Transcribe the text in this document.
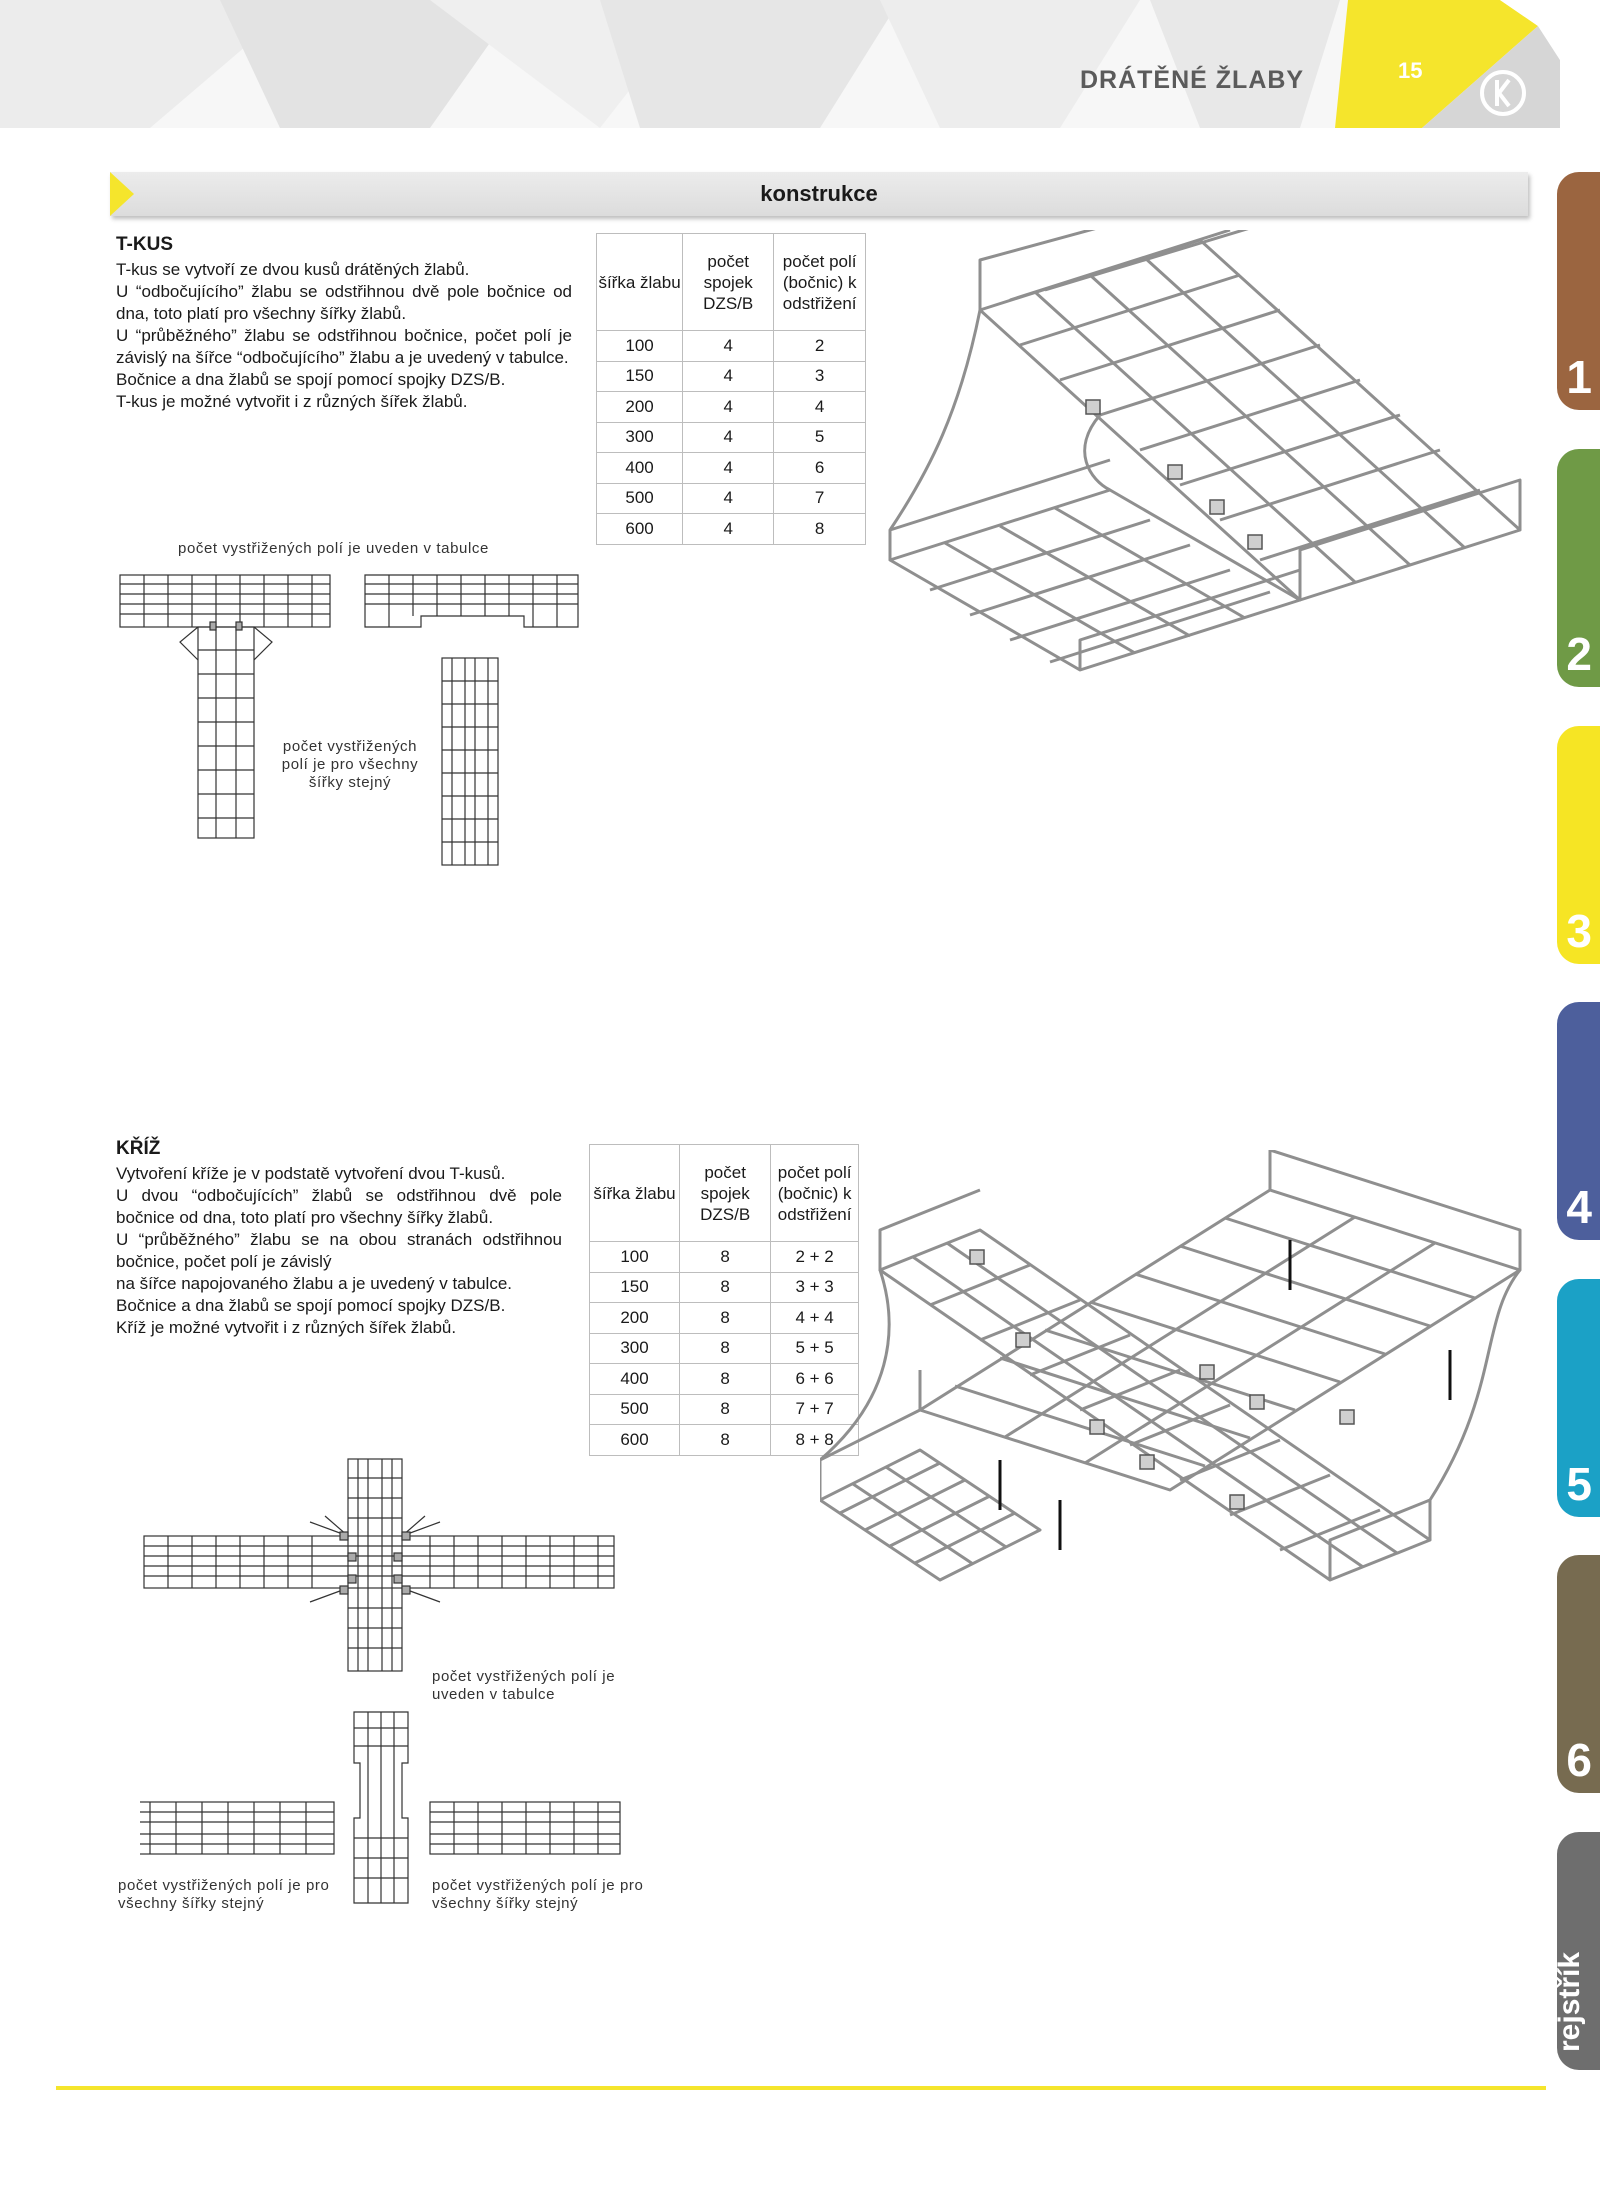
DRÁTĚNÉ ŽLABY	15
konstrukce
T-KUS

T-kus se vytvoří ze dvou kusů drátěných žlabů.

U “odbočujícího” žlabu se odstřihnou dvě pole bočnice od dna, toto platí pro všechny šířky žlabů.

U “průběžného” žlabu se odstřihnou bočnice, počet polí je závislý na šířce “odbočujícího” žlabu a je uvedený v tabulce.

Bočnice a dna žlabů se spojí pomocí spojky DZS/B.

T-kus je možné vytvořit i z různých šířek žlabů.

šířka žlabu	počet spojek DZS/B	počet polí (bočnic) k odstřižení
100	4	2
150	4	3
200	4	4
300	4	5
400	4	6
500	4	7
600	4	8
počet vystřižených polí je uveden v tabulce
počet vystřižených polí je pro všechny šířky stejný
KŘÍŽ

Vytvoření kříže je v podstatě vytvoření dvou T-kusů.

U dvou “odbočujících” žlabů se odstřihnou dvě pole bočnice od dna, toto platí pro všechny šířky žlabů.

U “průběžného” žlabu se na obou stranách odstřihnou bočnice, počet polí je závislý

na šířce napojovaného žlabu a je uvedený v tabulce.

Bočnice a dna žlabů se spojí pomocí spojky DZS/B.

Kříž je možné vytvořit i z různých šířek žlabů.

šířka žlabu	počet spojek DZS/B	počet polí (bočnic) k odstřižení
100	8	2 + 2
150	8	3 + 3
200	8	4 + 4
300	8	5 + 5
400	8	6 + 6
500	8	7 + 7
600	8	8 + 8
počet vystřižených polí je uveden v tabulce
počet vystřižených polí je pro všechny šířky stejný
počet vystřižených polí je pro všechny šířky stejný
1
2
3
4
5
6
rejstřík
